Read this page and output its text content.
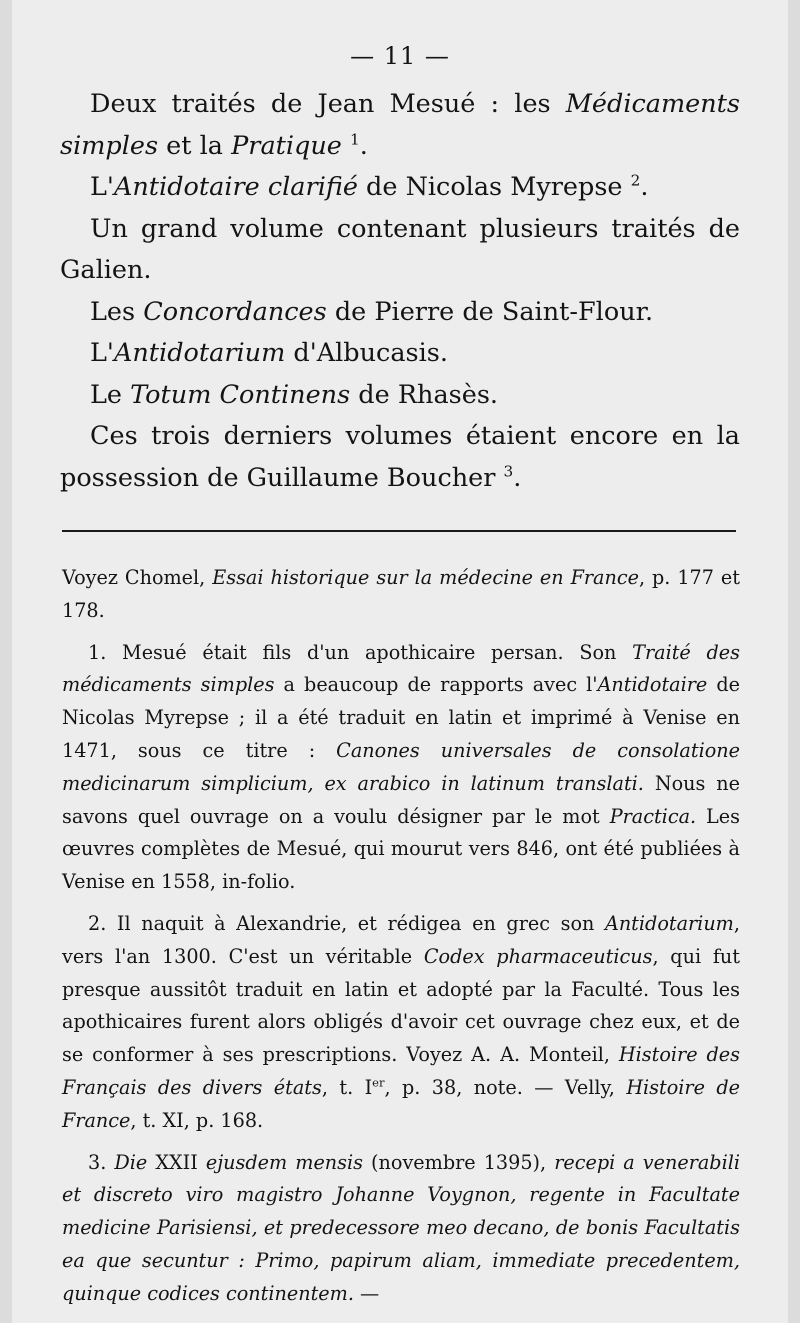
— 11 —

Deux traités de Jean Mesué : les Médicaments simples et la Pratique $^1$.

L'Antidotaire clarifié de Nicolas Myrepse $^2$.

Un grand volume contenant plusieurs traités de Galien.

Les Concordances de Pierre de Saint-Flour.

L'Antidotarium d'Albucasis.

Le Totum Continens de Rhasès.

Ces trois derniers volumes étaient encore en la possession de Guillaume Boucher $^3$.

Voyez Chomel, Essai historique sur la médecine en France, p. 177 et 178.

1. Mesué était fils d'un apothicaire persan. Son Traité des médicaments simples a beaucoup de rapports avec l'Antidotaire de Nicolas Myrepse ; il a été traduit en latin et imprimé à Venise en 1471, sous ce titre : Canones universales de consolatione medicinarum simplicium, ex arabico in latinum translati. Nous ne savons quel ouvrage on a voulu désigner par le mot Practica. Les œuvres complètes de Mesué, qui mourut vers 846, ont été publiées à Venise en 1558, in-folio.

2. Il naquit à Alexandrie, et rédigea en grec son Antidotarium, vers l'an 1300. C'est un véritable Codex pharmaceuticus, qui fut presque aussitôt traduit en latin et adopté par la Faculté. Tous les apothicaires furent alors obligés d'avoir cet ouvrage chez eux, et de se conformer à ses prescriptions. Voyez A. A. Monteil, Histoire des Français des divers états, t. Ier, p. 38, note. — Velly, Histoire de France, t. XI, p. 168.

3. Die XXII ejusdem mensis (novembre 1395), recepi a venerabili et discreto viro magistro Johanne Voygnon, regente in Facultate medicine Parisiensi, et predecessore meo decano, de bonis Facultatis ea que secuntur : Primo, papirum aliam, immediate precedentem, quinque codices continentem. —
